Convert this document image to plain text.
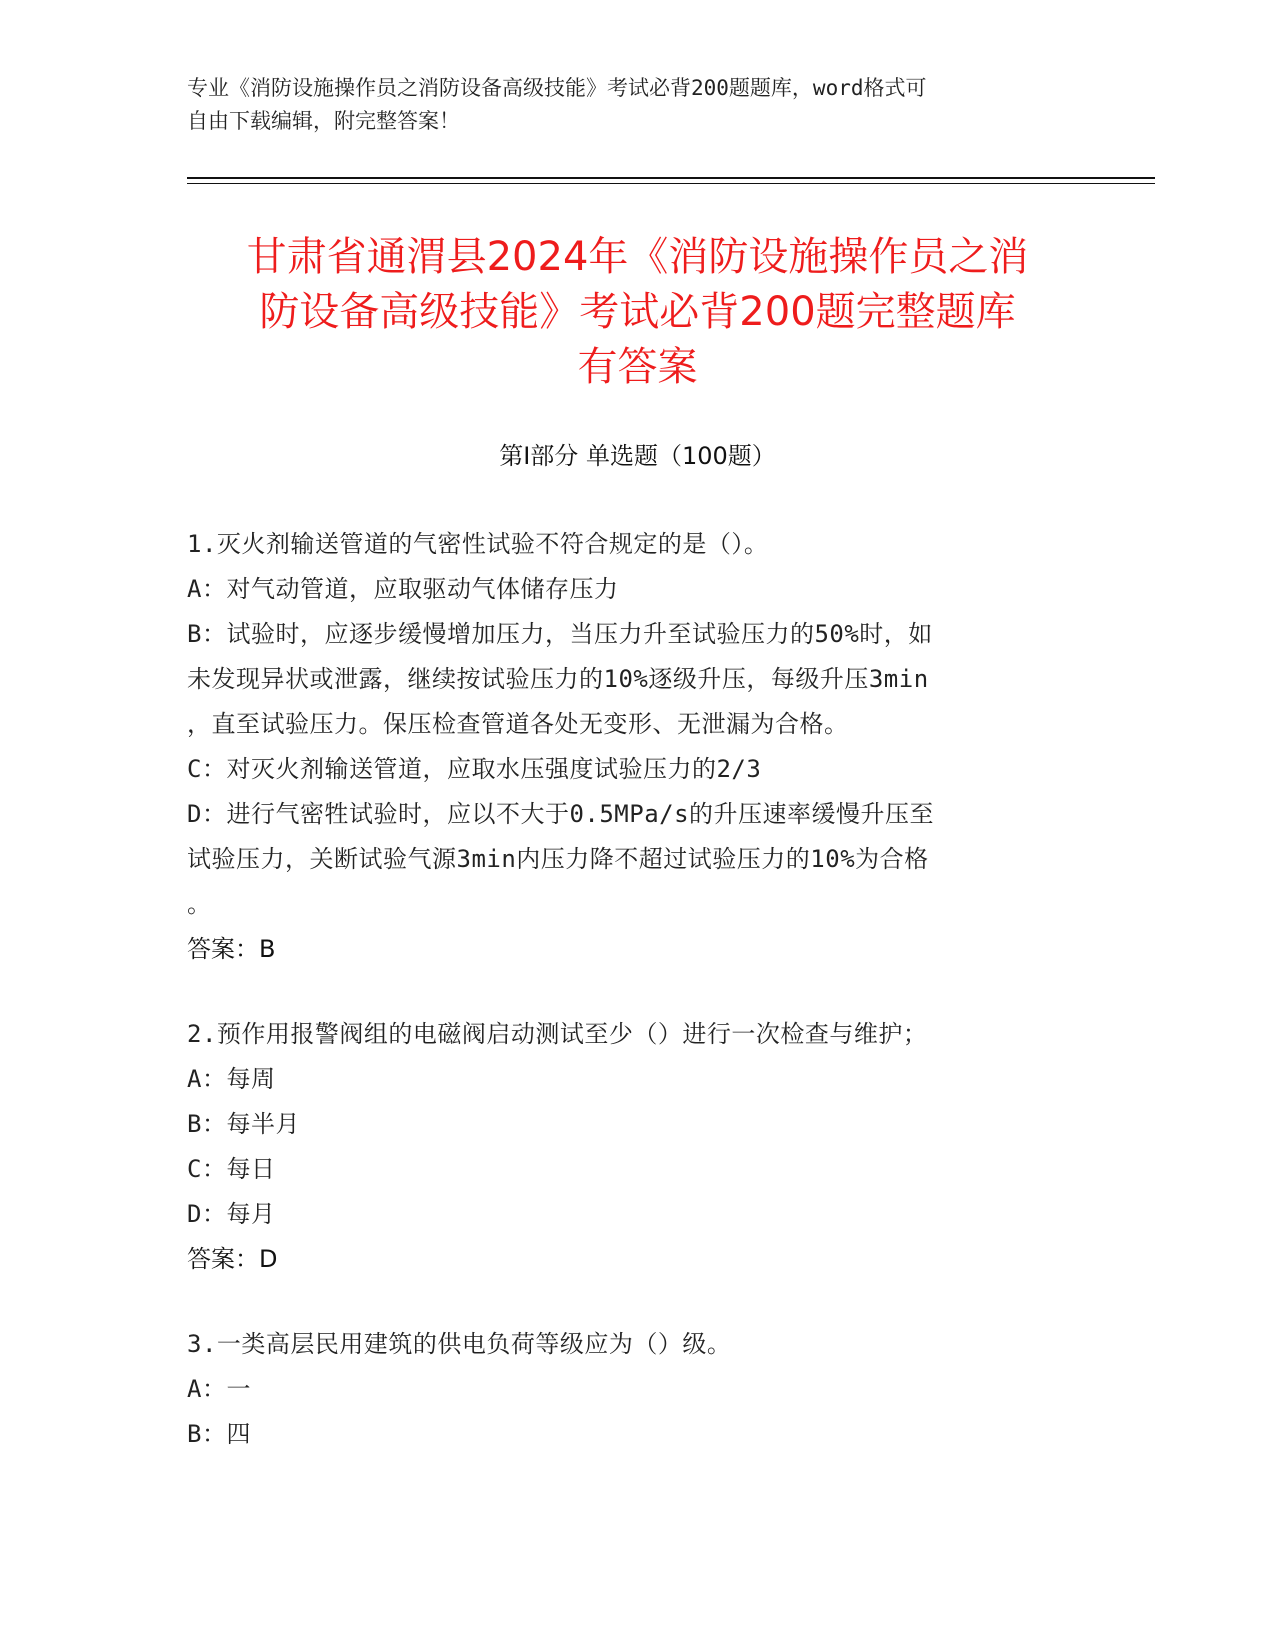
专业《消防设施操作员之消防设备高级技能》考试必背200题题库，word格式可
自由下载编辑，附完整答案！
甘肃省通渭县2024年《消防设施操作员之消
防设备高级技能》考试必背200题完整题库
有答案
第Ⅰ部分 单选题（100题）
1.灭火剂输送管道的气密性试验不符合规定的是（）。
A：对气动管道，应取驱动气体储存压力
B：试验时，应逐步缓慢增加压力，当压力升至试验压力的50%时，如
未发现异状或泄露，继续按试验压力的10%逐级升压，每级升压3min
，直至试验压力。保压检查管道各处无变形、无泄漏为合格。
C：对灭火剂输送管道，应取水压强度试验压力的2/3
D：进行气密牲试验时，应以不大于0.5MPa/s的升压速率缓慢升压至
试验压力，关断试验气源3min内压力降不超过试验压力的10%为合格
。
答案：B
2.预作用报警阀组的电磁阀启动测试至少（）进行一次检查与维护；
A：每周
B：每半月
C：每日
D：每月
答案：D
3.一类高层民用建筑的供电负荷等级应为（）级。
A：一
B：四
